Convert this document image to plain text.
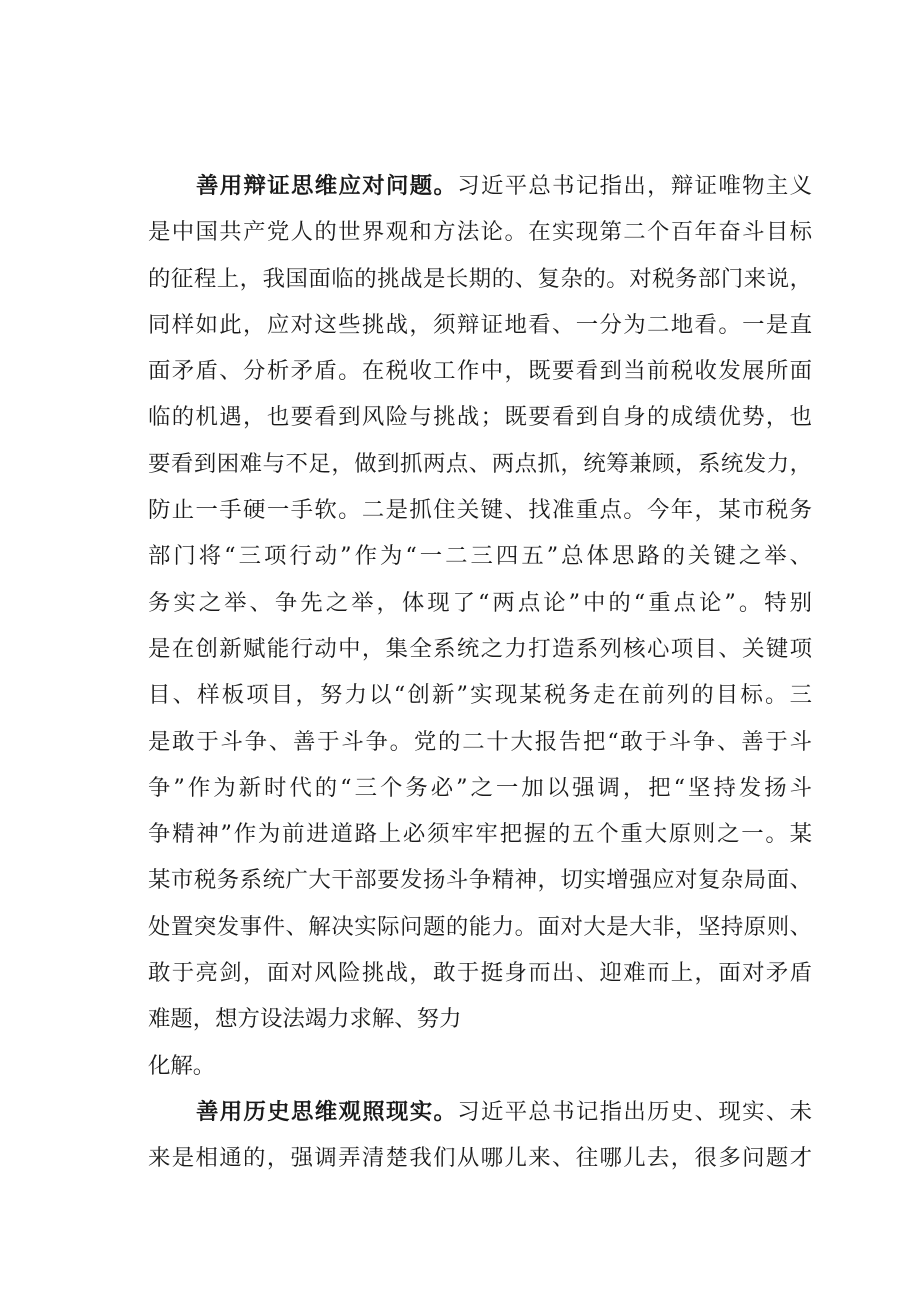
善用辩证思维应对问题。习近平总书记指出，辩证唯物主义
是中国共产党人的世界观和方法论。在实现第二个百年奋斗目标
的征程上，我国面临的挑战是长期的、复杂的。对税务部门来说，
同样如此，应对这些挑战，须辩证地看、一分为二地看。一是直
面矛盾、分析矛盾。在税收工作中，既要看到当前税收发展所面
临的机遇，也要看到风险与挑战；既要看到自身的成绩优势，也
要看到困难与不足，做到抓两点、两点抓，统筹兼顾，系统发力，
防止一手硬一手软。二是抓住关键、找准重点。今年，某市税务
部门将“三项行动”作为“一二三四五”总体思路的关键之举、
务实之举、争先之举，体现了“两点论”中的“重点论”。特别
是在创新赋能行动中，集全系统之力打造系列核心项目、关键项
目、样板项目，努力以“创新”实现某税务走在前列的目标。三
是敢于斗争、善于斗争。党的二十大报告把“敢于斗争、善于斗
争”作为新时代的“三个务必”之一加以强调，把“坚持发扬斗
争精神”作为前进道路上必须牢牢把握的五个重大原则之一。某
某市税务系统广大干部要发扬斗争精神，切实增强应对复杂局面、
处置突发事件、解决实际问题的能力。面对大是大非，坚持原则、
敢于亮剑，面对风险挑战，敢于挺身而出、迎难而上，面对矛盾
难题，想方设法竭力求解、努力
化解。
善用历史思维观照现实。习近平总书记指出历史、现实、未
来是相通的，强调弄清楚我们从哪儿来、往哪儿去，很多问题才
